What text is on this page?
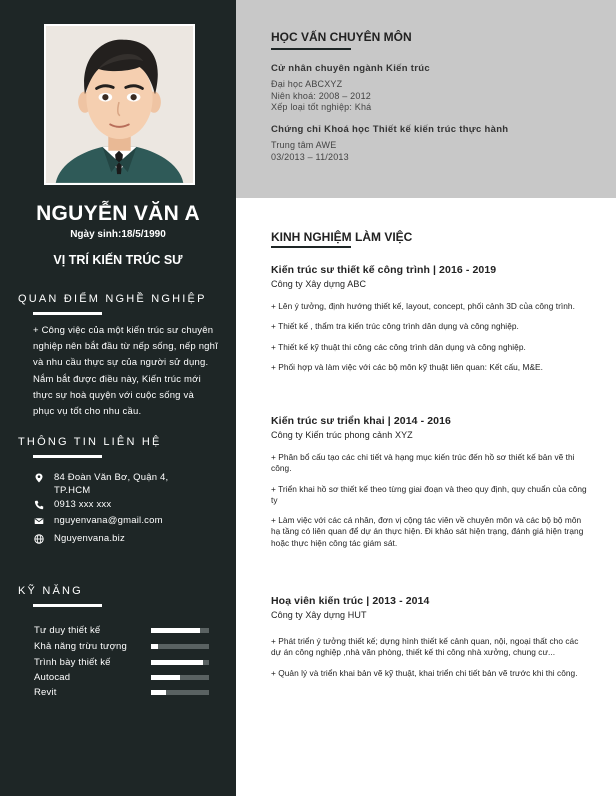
NGUYỄN VĂN A
Ngày sinh:18/5/1990
VỊ TRÍ KIẾN TRÚC SƯ
QUAN ĐIỂM NGHỀ NGHIỆP
+ Công việc của một kiến trúc sư chuyên nghiệp nên bắt đầu từ nếp sống, nếp nghĩ và nhu cầu thực sự của người sử dụng. Nắm bắt được điều này, Kiến trúc mới thực sự hoà quyện với cuộc sống và phục vụ tốt cho nhu cầu.
THÔNG TIN LIÊN HỆ
84 Đoàn Văn Bơ, Quận 4, TP.HCM
0913 xxx xxx
nguyenvana@gmail.com
Nguyenvana.biz
KỸ NĂNG
Tư duy thiết kế
Khả năng trừu tượng
Trình bày thiết kế
Autocad
Revit
HỌC VẤN CHUYÊN MÔN
Cử nhân chuyên ngành Kiến trúc
Đại học ABCXYZ
Niên khoá: 2008 – 2012
Xếp loại tốt nghiệp: Khá
Chứng chỉ Khoá học Thiết kế kiến trúc thực hành
Trung tâm AWE
03/2013 – 11/2013
KINH NGHIỆM LÀM VIỆC
Kiến trúc sư thiết kế công trình | 2016 - 2019
Công ty Xây dựng ABC
+ Lên ý tưởng, định hướng thiết kế, layout, concept, phối cảnh 3D của công trình.
+ Thiết kế , thẩm tra kiến trúc công trình dân dụng và công nghiệp.
+ Thiết kế kỹ thuật thi công các công trình dân dụng và công nghiệp.
+ Phối hợp và làm việc với các bộ môn kỹ thuật liên quan: Kết cấu, M&E.
Kiến trúc sư triển khai | 2014 - 2016
Công ty Kiến trúc phong cảnh XYZ
+ Phân bổ cấu tạo các chi tiết và hạng mục kiến trúc đến hồ sơ thiết kế bản vẽ thi công.
+ Triển khai hồ sơ thiết kế theo từng giai đoạn và theo quy định, quy chuẩn của công ty
+ Làm việc với các cá nhân, đơn vị cộng tác viên về chuyên môn và các bộ bộ môn hạ tầng có liên quan để dự án thực hiện. Đi khảo sát hiện trạng, đánh giá hiện trạng hoặc thực hiện công tác giám sát.
Hoạ viên kiến trúc | 2013 - 2014
Công ty Xây dựng HUT
+ Phát triển ý tưởng thiết kế; dựng hình thiết kế cảnh quan, nội, ngoại thất cho các dự án công nghiệp ,nhà văn phòng, thiết kế thi công nhà xưởng, chung cư...
+ Quản lý và triển khai bản vẽ kỹ thuật, khai triển chi tiết bản vẽ trước khi thi công.
